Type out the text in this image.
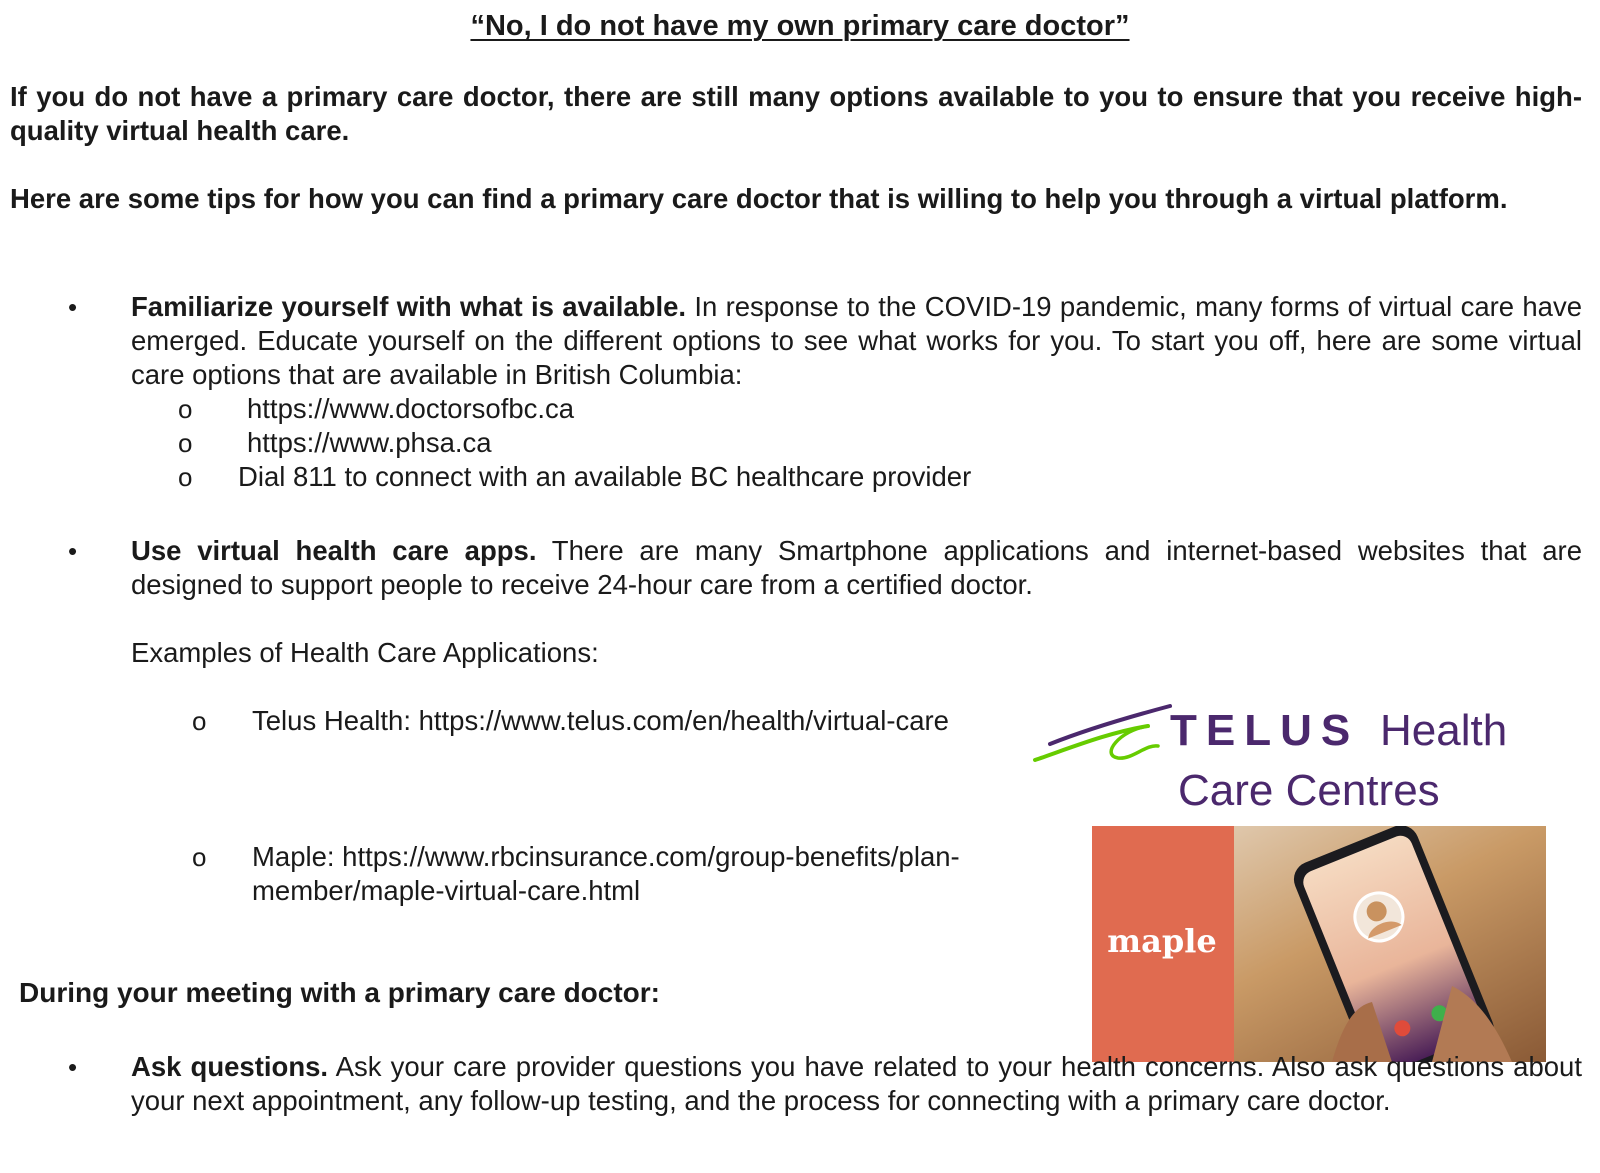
“No, I do not have my own primary care doctor”
If you do not have a primary care doctor, there are still many options available to you to ensure that you receive high-quality virtual health care.
Here are some tips for how you can find a primary care doctor that is willing to help you through a virtual platform.
• Familiarize yourself with what is available. In response to the COVID-19 pandemic, many forms of virtual care have emerged. Educate yourself on the different options to see what works for you. To start you off, here are some virtual care options that are available in British Columbia:
o https://www.doctorsofbc.ca
o https://www.phsa.ca
o Dial 811 to connect with an available BC healthcare provider
• Use virtual health care apps. There are many Smartphone applications and internet-based websites that are designed to support people to receive 24-hour care from a certified doctor.
Examples of Health Care Applications:
o Telus Health: https://www.telus.com/en/health/virtual-care
o Maple: https://www.rbcinsurance.com/group-benefits/plan-member/maple-virtual-care.html
TELUS Health
Care Centres
maple
During your meeting with a primary care doctor:
• Ask questions. Ask your care provider questions you have related to your health concerns. Also ask questions about your next appointment, any follow-up testing, and the process for connecting with a primary care doctor.
